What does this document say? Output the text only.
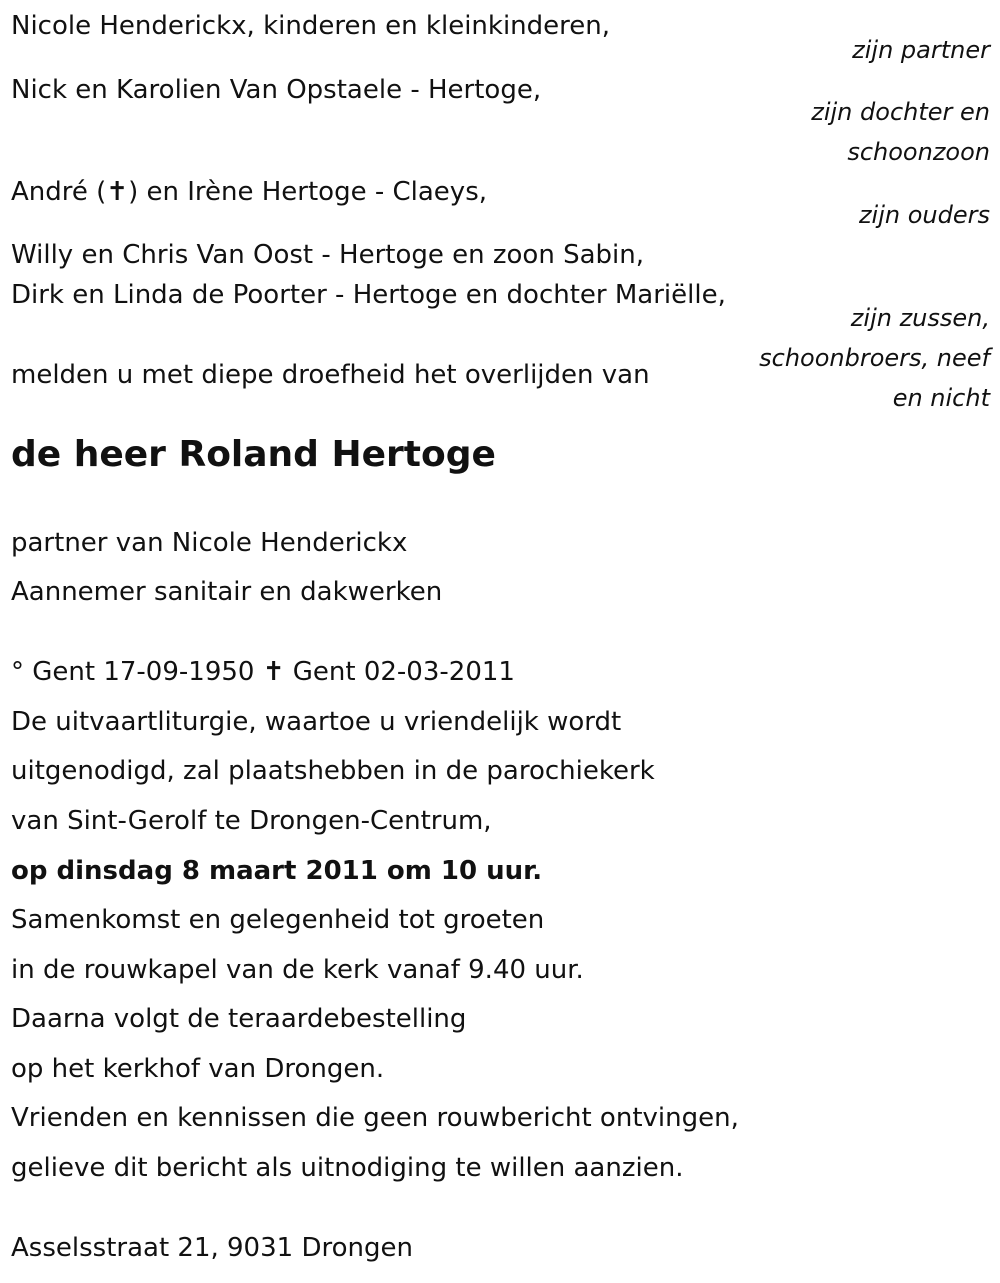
Nicole Henderickx, kinderen en kleinkinderen,

Nick en Karolien Van Opstaele - Hertoge,

André (✝) en Irène Hertoge - Claeys,

Willy en Chris Van Oost - Hertoge en zoon Sabin,

Dirk en Linda de Poorter - Hertoge en dochter Mariëlle,

melden u met diepe droefheid het overlijden van

zijn partner

zijn dochter en

schoonzoon

zijn ouders

zijn zussen,

schoonbroers, neef

en nicht

de heer Roland Hertoge

partner van Nicole Henderickx

Aannemer sanitair en dakwerken

° Gent 17-09-1950 ✝ Gent 02-03-2011

De uitvaartliturgie, waartoe u vriendelijk wordt

uitgenodigd, zal plaatshebben in de parochiekerk

van Sint-Gerolf te Drongen-Centrum,

op dinsdag 8 maart 2011 om 10 uur.

Samenkomst en gelegenheid tot groeten

in de rouwkapel van de kerk vanaf 9.40 uur.

Daarna volgt de teraardebestelling

op het kerkhof van Drongen.

Vrienden en kennissen die geen rouwbericht ontvingen,

gelieve dit bericht als uitnodiging te willen aanzien.

Asselsstraat 21, 9031 Drongen
